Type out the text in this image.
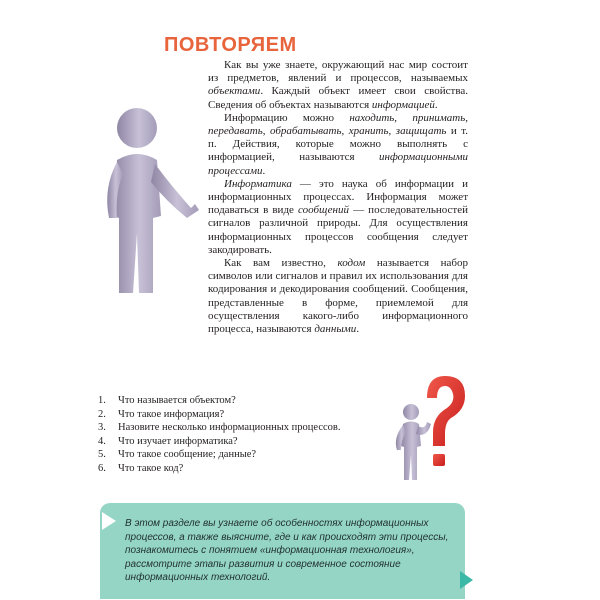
ПОВТОРЯЕМ

Как вы уже знаете, окружающий нас мир состоит из предметов, явлений и процессов, называемых объектами. Каждый объект имеет свои свойства. Сведения об объектах называются информацией.

Информацию можно находить, принимать, передавать, обрабатывать, хранить, защищать и т. п. Действия, которые можно выполнять с информацией, называются информационными процессами.

Информатика — это наука об информации и информационных процессах. Информация может подаваться в виде сообщений — последовательностей сигналов различной природы. Для осуществления информационных процессов сообщения следует закодировать.

Как вам известно, кодом называется набор символов или сигналов и правил их использования для кодирования и декодирования сообщений. Сообщения, представленные в форме, приемлемой для осуществления какого-либо информационного процесса, называются данными.

1.	Что называется объектом?
2.	Что такое информация?
3.	Назовите несколько информационных процессов.
4.	Что изучает информатика?
5.	Что такое сообщение; данные?
6.	Что такое код?
В этом разделе вы узнаете об особенностях информационных процессов, а также выясните, где и как происходят эти процессы, познакомитесь с понятием «информационная технология», рассмотрите этапы развития и современное состояние информационных технологий.
